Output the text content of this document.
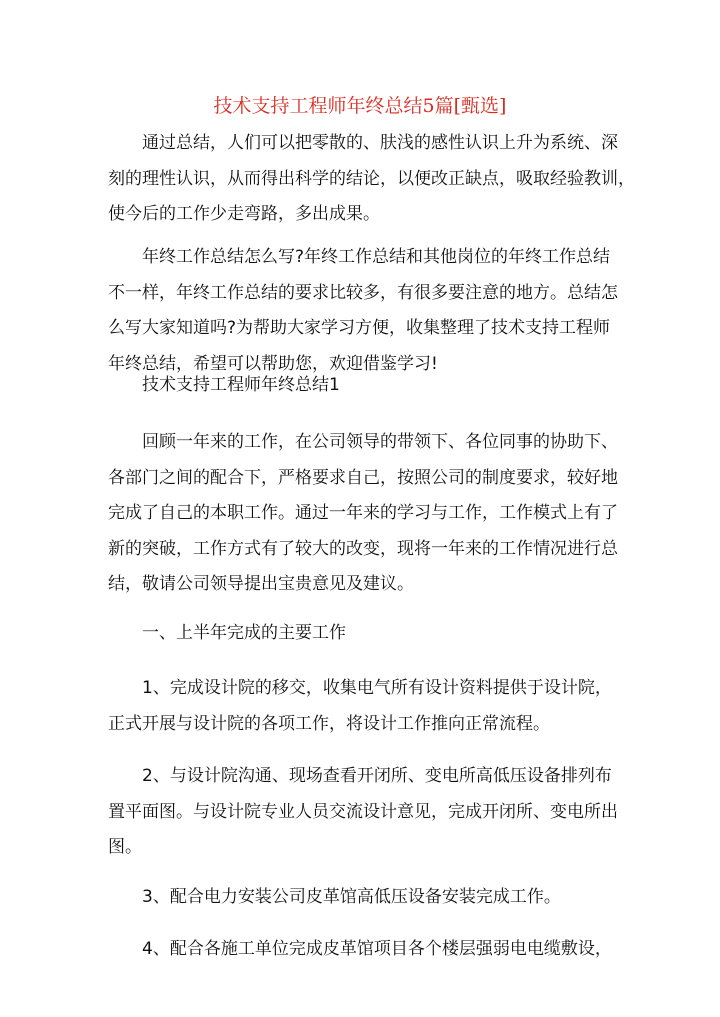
技术支持工程师年终总结5篇[甄选]
通过总结，人们可以把零散的、肤浅的感性认识上升为系统、深
刻的理性认识，从而得出科学的结论，以便改正缺点，吸取经验教训，
使今后的工作少走弯路，多出成果。
年终工作总结怎么写?年终工作总结和其他岗位的年终工作总结
不一样，年终工作总结的要求比较多，有很多要注意的地方。总结怎
么写大家知道吗?为帮助大家学习方便，收集整理了技术支持工程师
年终总结，希望可以帮助您，欢迎借鉴学习!
技术支持工程师年终总结1
回顾一年来的工作，在公司领导的带领下、各位同事的协助下、
各部门之间的配合下，严格要求自己，按照公司的制度要求，较好地
完成了自己的本职工作。通过一年来的学习与工作，工作模式上有了
新的突破，工作方式有了较大的改变，现将一年来的工作情况进行总
结，敬请公司领导提出宝贵意见及建议。
一、上半年完成的主要工作
1、完成设计院的移交，收集电气所有设计资料提供于设计院，
正式开展与设计院的各项工作，将设计工作推向正常流程。
2、与设计院沟通、现场查看开闭所、变电所高低压设备排列布
置平面图。与设计院专业人员交流设计意见，完成开闭所、变电所出
图。
3、配合电力安装公司皮革馆高低压设备安装完成工作。
4、配合各施工单位完成皮革馆项目各个楼层强弱电电缆敷设，
